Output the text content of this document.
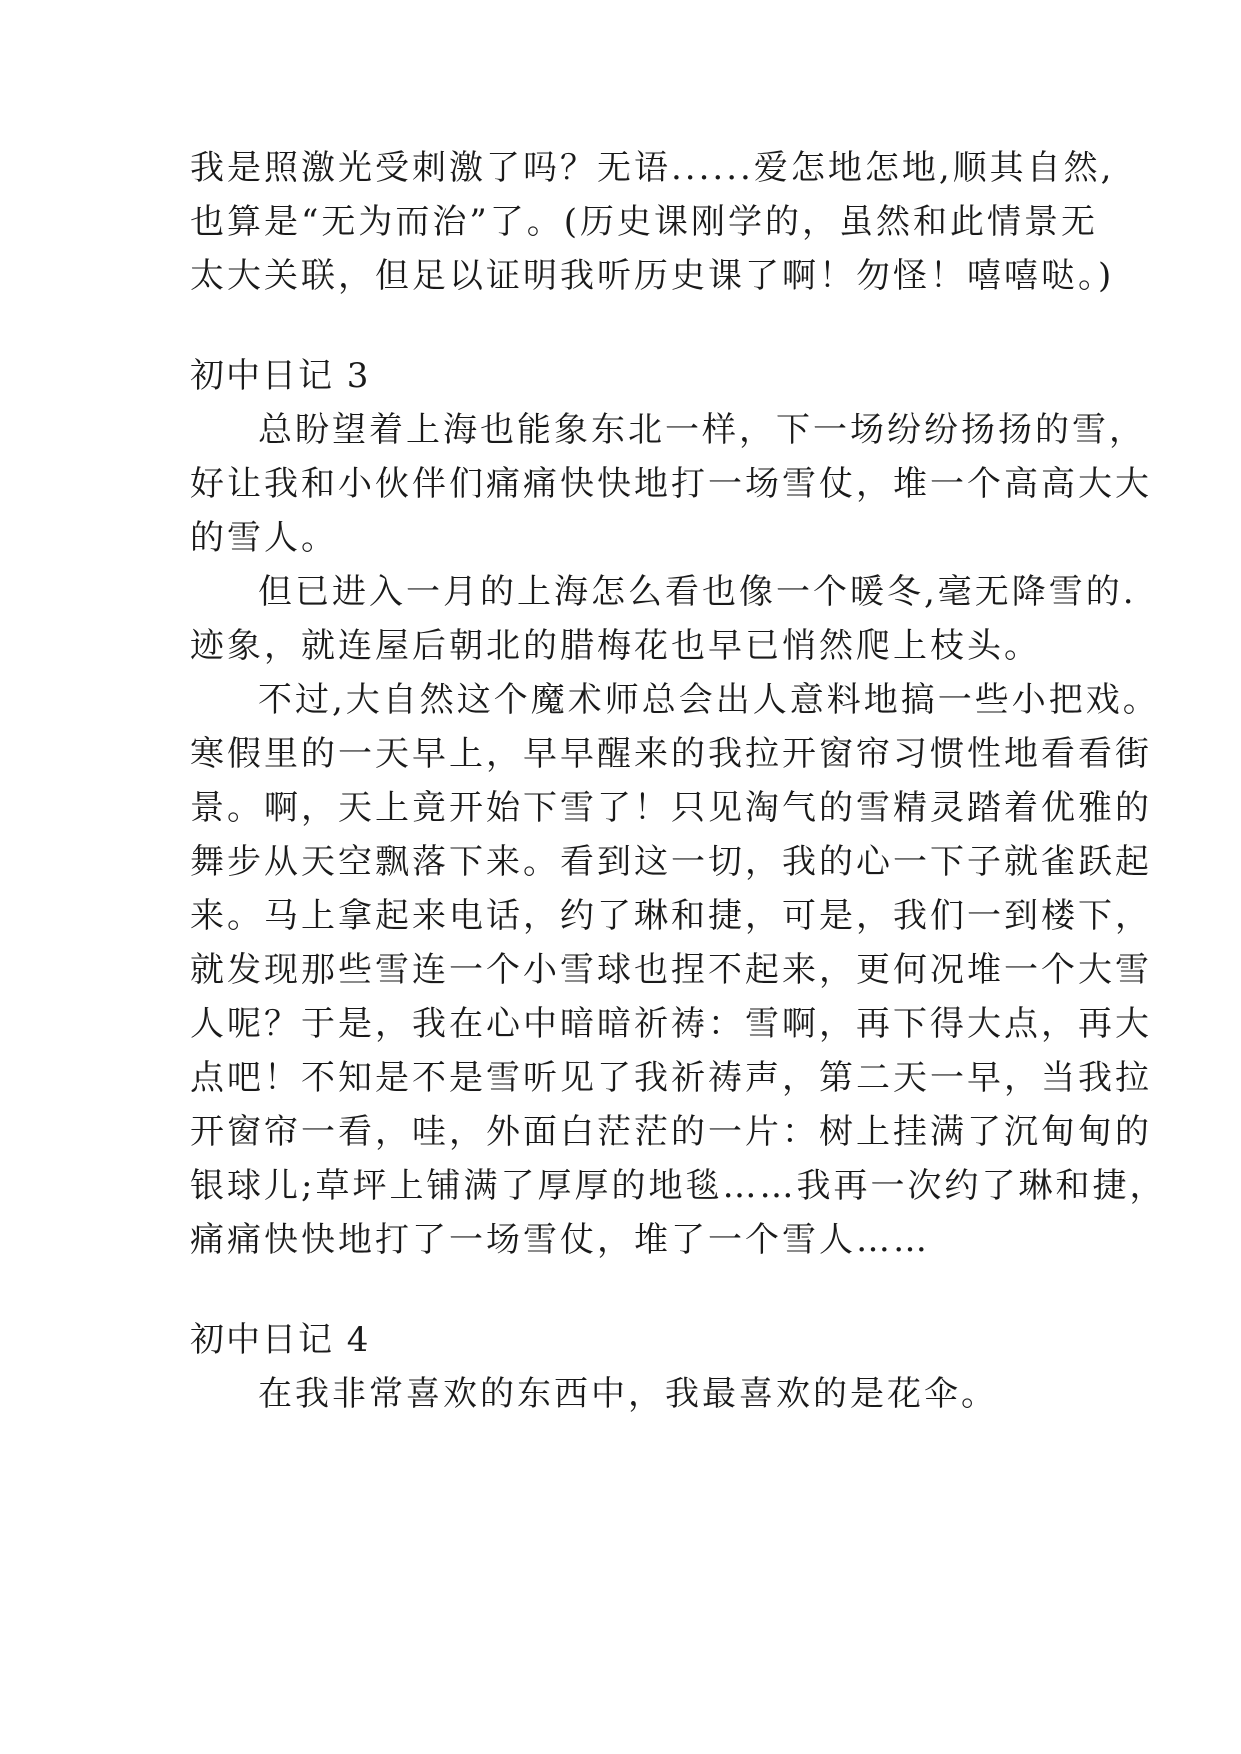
我是照激光受刺激了吗？无语......爱怎地怎地,顺其自然,
也算是“无为而治”了。(历史课刚学的，虽然和此情景无
太大关联，但足以证明我听历史课了啊！勿怪！嘻嘻哒。)
初中日记 3
总盼望着上海也能象东北一样，下一场纷纷扬扬的雪，
好让我和小伙伴们痛痛快快地打一场雪仗，堆一个高高大大
的雪人。
但已进入一月的上海怎么看也像一个暖冬,毫无降雪的.
迹象，就连屋后朝北的腊梅花也早已悄然爬上枝头。
不过,大自然这个魔术师总会出人意料地搞一些小把戏。
寒假里的一天早上，早早醒来的我拉开窗帘习惯性地看看街
景。啊，天上竟开始下雪了！只见淘气的雪精灵踏着优雅的
舞步从天空飘落下来。看到这一切，我的心一下子就雀跃起
来。马上拿起来电话，约了琳和捷，可是，我们一到楼下，
就发现那些雪连一个小雪球也捏不起来，更何况堆一个大雪
人呢？于是，我在心中暗暗祈祷：雪啊，再下得大点，再大
点吧！不知是不是雪听见了我祈祷声，第二天一早，当我拉
开窗帘一看，哇，外面白茫茫的一片：树上挂满了沉甸甸的
银球儿;草坪上铺满了厚厚的地毯……我再一次约了琳和捷，
痛痛快快地打了一场雪仗，堆了一个雪人……
初中日记 4
在我非常喜欢的东西中，我最喜欢的是花伞。
